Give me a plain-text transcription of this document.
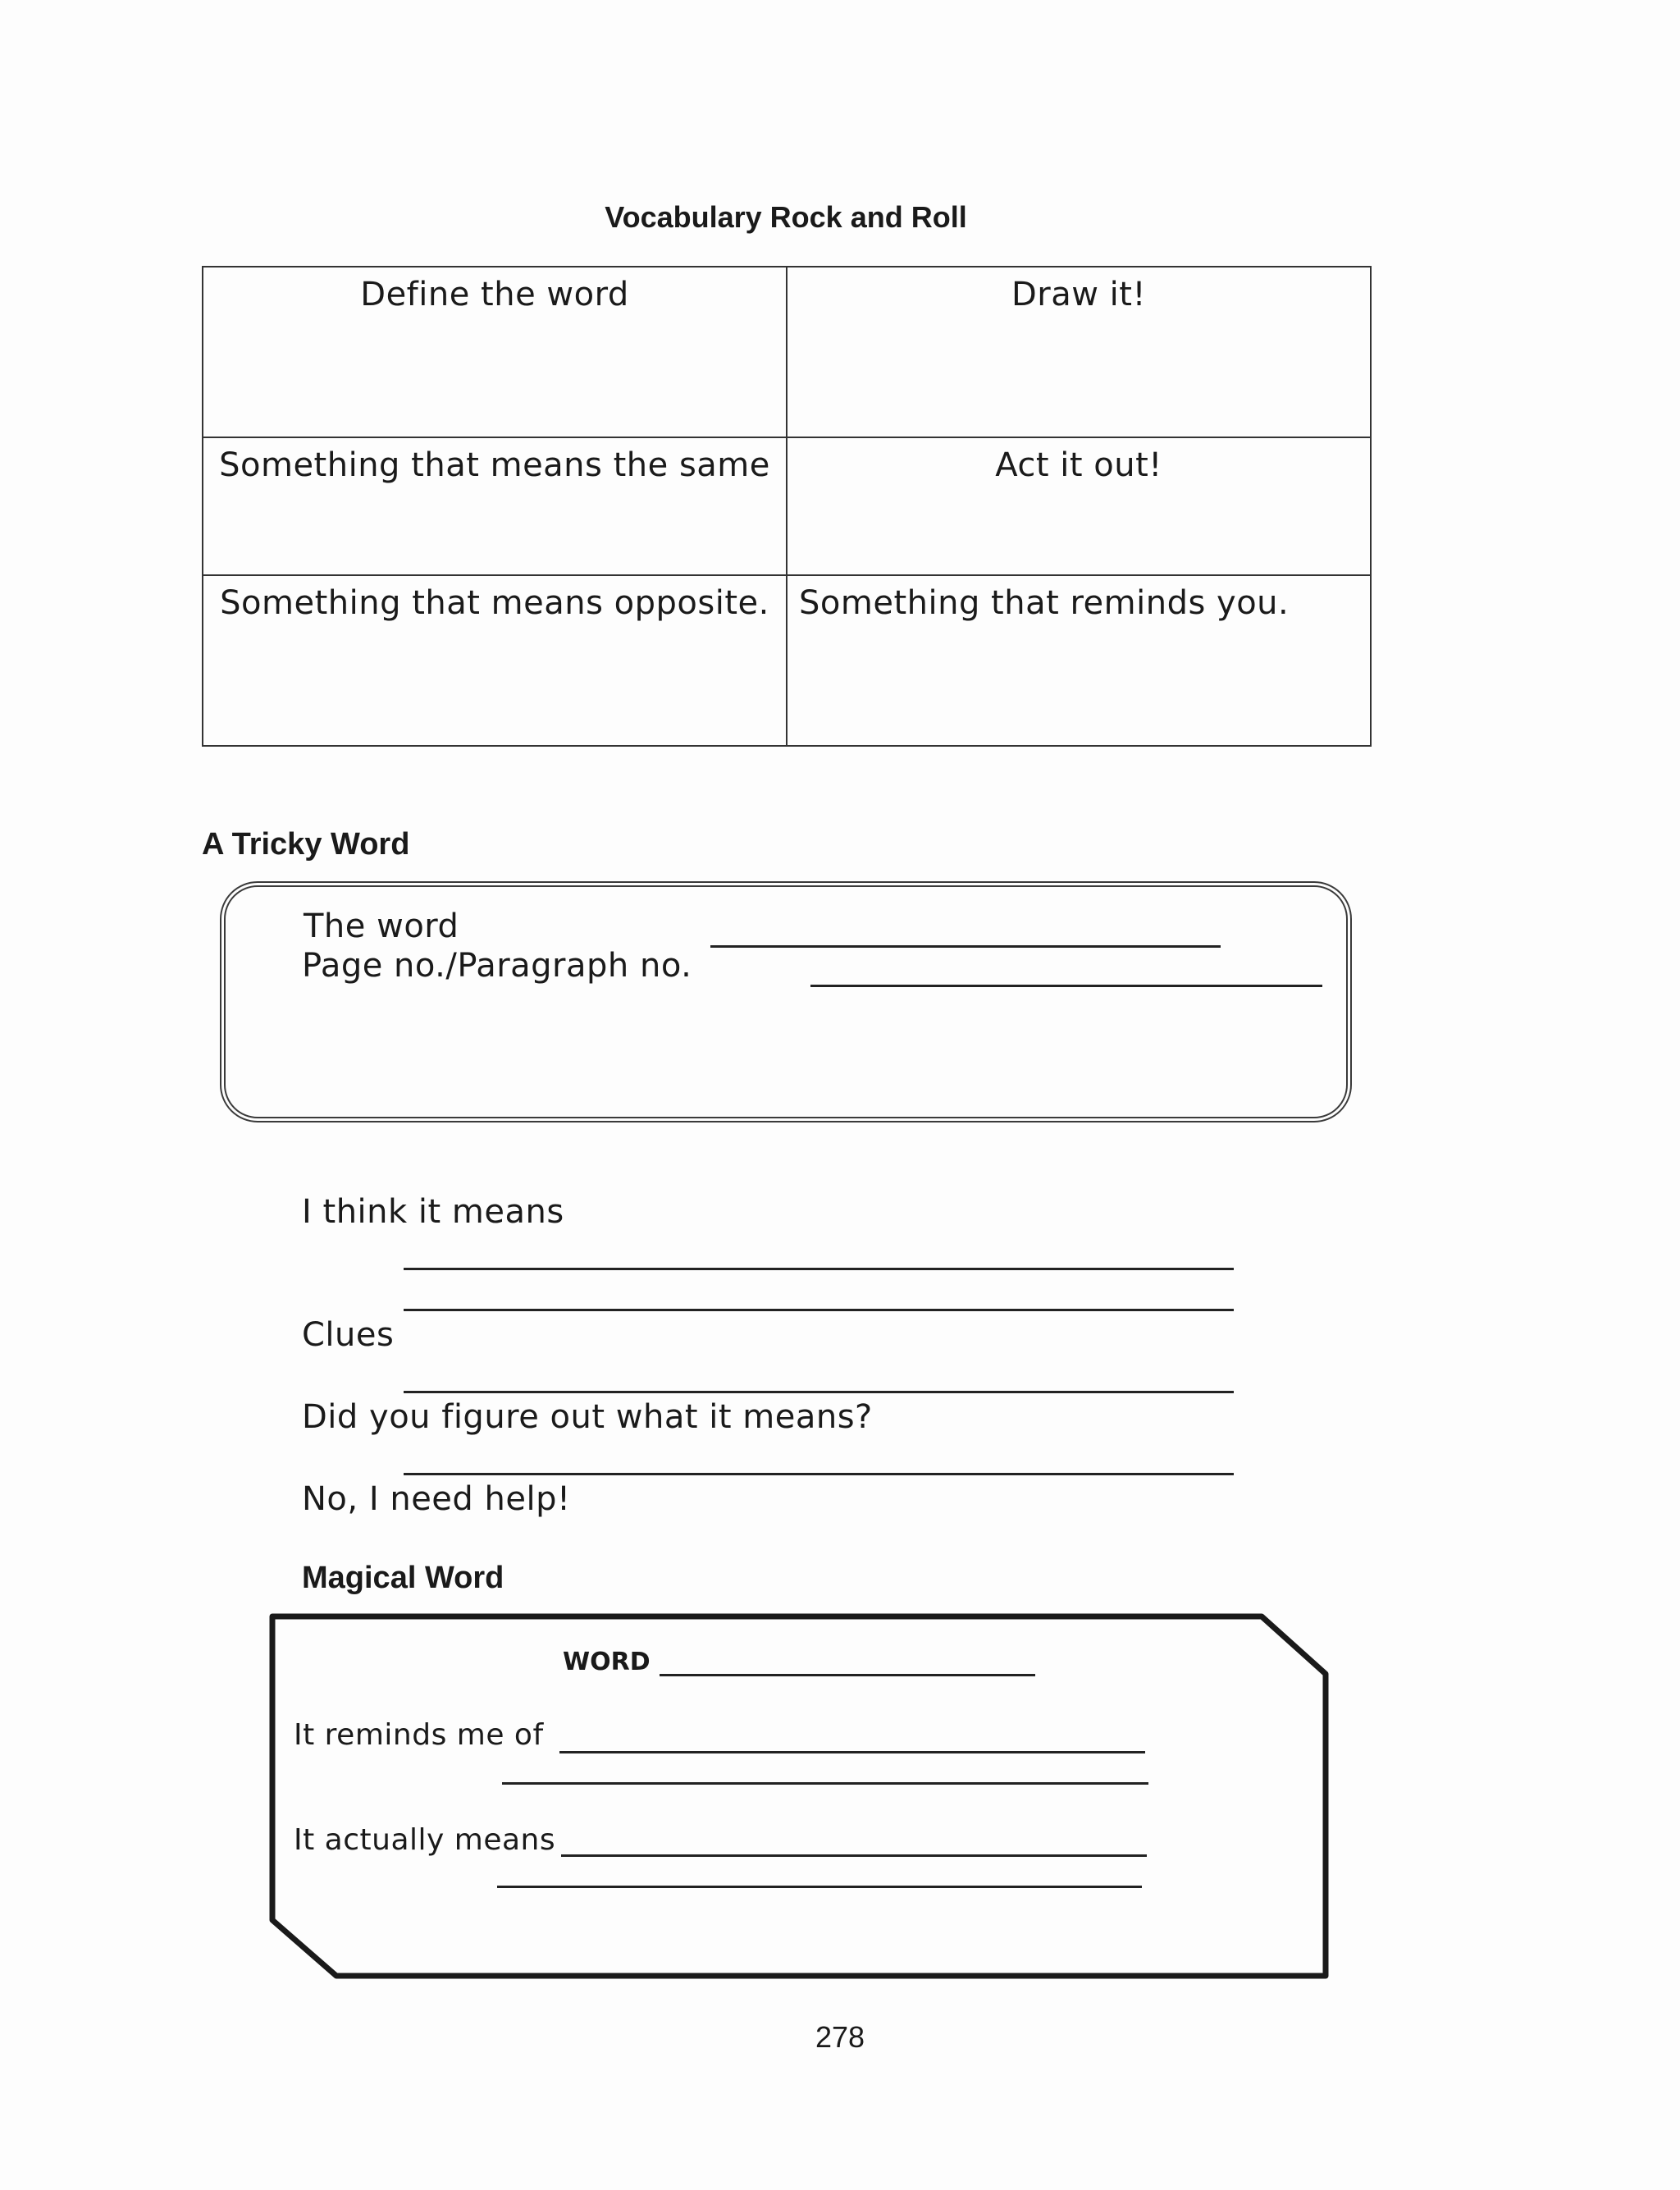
Vocabulary Rock and Roll
Define the word	Draw it!

Something that means the same	Act it out!

Something that means opposite.	Something that reminds you.
A Tricky Word
The word
Page no./Paragraph no.
I think it means
Clues
Did you figure out what it means?
No, I need help!
Magical Word
WORD
It reminds me of
It actually means
278
